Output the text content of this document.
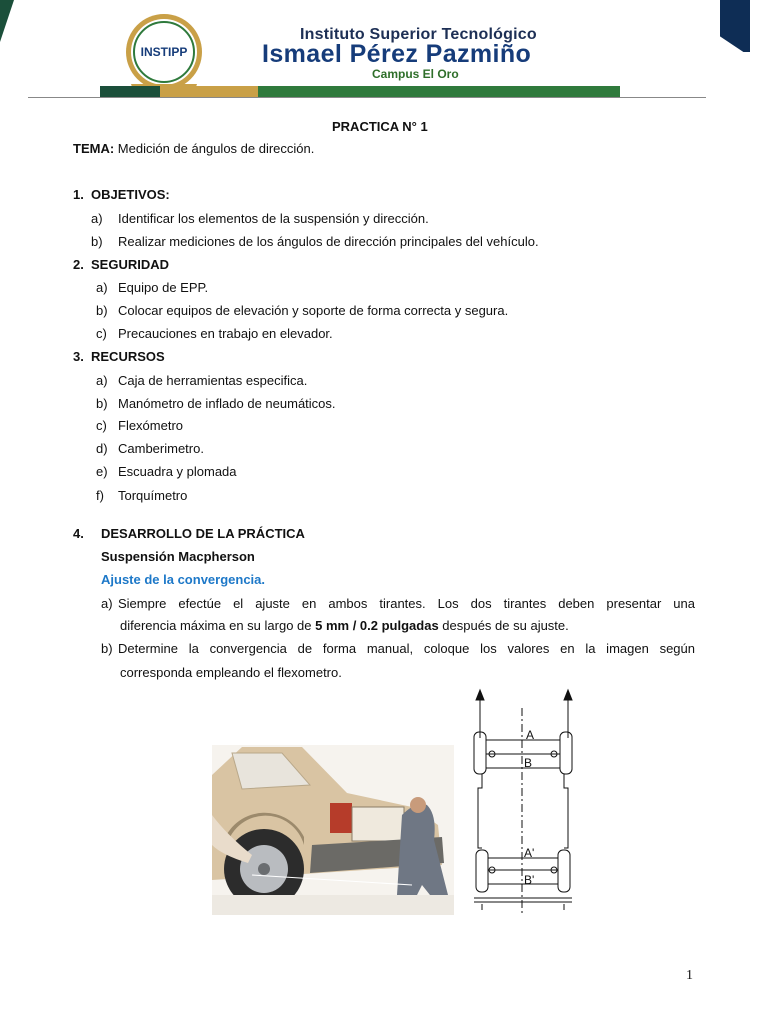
INSTIPP
Instituto Superior Tecnológico
Ismael Pérez Pazmiño
Campus El Oro
PRACTICA N° 1
TEMA: Medición de ángulos de dirección.
1. OBJETIVOS:
a) Identificar los elementos de la suspensión y dirección.
b) Realizar mediciones de los ángulos de dirección principales del vehículo.
2. SEGURIDAD
a) Equipo de EPP.
b) Colocar equipos de elevación y soporte de forma correcta y segura.
c) Precauciones en trabajo en elevador.
3. RECURSOS
a) Caja de herramientas especifica.
b) Manómetro de inflado de neumáticos.
c) Flexómetro
d) Camberimetro.
e) Escuadra y plomada
f) Torquímetro
4. DESARROLLO DE LA PRÁCTICA
Suspensión Macpherson
Ajuste de la convergencia.
a) Siempre efectúe el ajuste en ambos tirantes. Los dos tirantes deben presentar una
diferencia máxima en su largo de 5 mm / 0.2 pulgadas después de su ajuste.
b) Determine la convergencia de forma manual, coloque los valores en la imagen según
corresponda empleando el flexometro.
A
B
A'
B'
1
